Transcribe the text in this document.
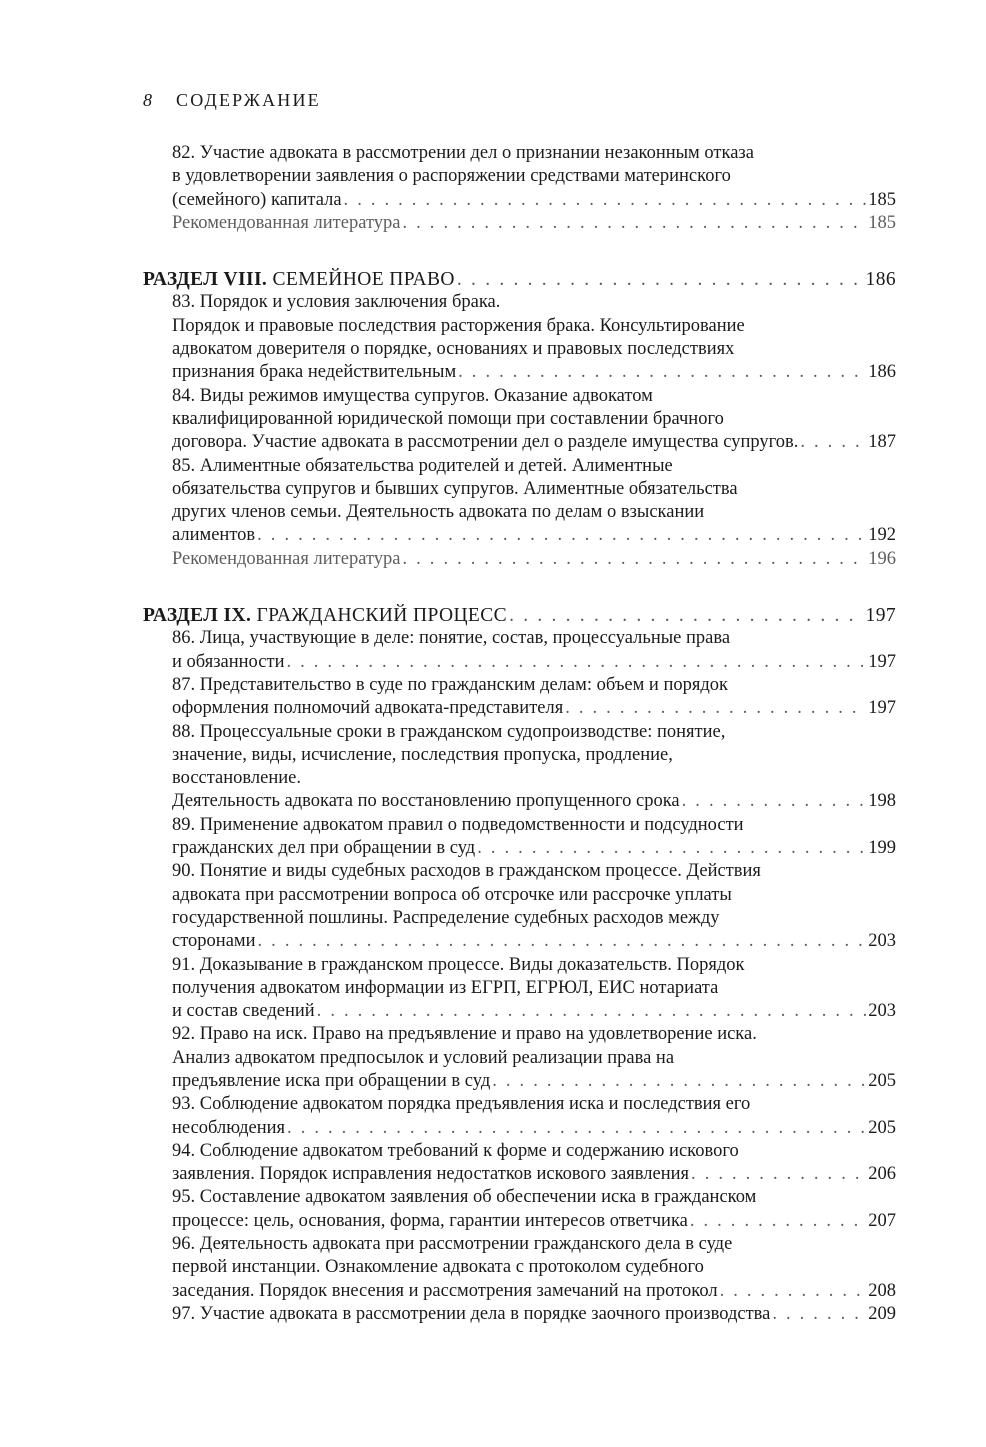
8 СОДЕРЖАНИЕ
82. Участие адвоката в рассмотрении дел о признании незаконным отказа
в удовлетворении заявления о распоряжении средствами материнского
(семейного) капитала . . .	185
Рекомендованная литература . . .	185
РАЗДЕЛ VIII. СЕМЕЙНОЕ ПРАВО . . .	186
83. Порядок и условия заключения брака.
Порядок и правовые последствия расторжения брака. Консультирование
адвокатом доверителя о порядке, основаниях и правовых последствиях
признания брака недействительным . . .	186
84. Виды режимов имущества супругов. Оказание адвокатом
квалифицированной юридической помощи при составлении брачного
договора. Участие адвоката в рассмотрении дел о разделе имущества супругов. . . .	187
85. Алиментные обязательства родителей и детей. Алиментные
обязательства супругов и бывших супругов. Алиментные обязательства
других членов семьи. Деятельность адвоката по делам о взыскании
алиментов . . .	192
Рекомендованная литература . . .	196
РАЗДЕЛ IX. ГРАЖДАНСКИЙ ПРОЦЕСС . . .	197
86. Лица, участвующие в деле: понятие, состав, процессуальные права
и обязанности . . .	197
87. Представительство в суде по гражданским делам: объем и порядок
оформления полномочий адвоката-представителя . . .	197
88. Процессуальные сроки в гражданском судопроизводстве: понятие,
значение, виды, исчисление, последствия пропуска, продление,
восстановление.
Деятельность адвоката по восстановлению пропущенного срока . . .	198
89. Применение адвокатом правил о подведомственности и подсудности
гражданских дел при обращении в суд . . .	199
90. Понятие и виды судебных расходов в гражданском процессе. Действия
адвоката при рассмотрении вопроса об отсрочке или рассрочке уплаты
государственной пошлины. Распределение судебных расходов между
сторонами . . .	203
91. Доказывание в гражданском процессе. Виды доказательств. Порядок
получения адвокатом информации из ЕГРП, ЕГРЮЛ, ЕИС нотариата
и состав сведений . . .	203
92. Право на иск. Право на предъявление и право на удовлетворение иска.
Анализ адвокатом предпосылок и условий реализации права на
предъявление иска при обращении в суд . . .	205
93. Соблюдение адвокатом порядка предъявления иска и последствия его
несоблюдения . . .	205
94. Соблюдение адвокатом требований к форме и содержанию искового
заявления. Порядок исправления недостатков искового заявления . . .	206
95. Составление адвокатом заявления об обеспечении иска в гражданском
процессе: цель, основания, форма, гарантии интересов ответчика . . .	207
96. Деятельность адвоката при рассмотрении гражданского дела в суде
первой инстанции. Ознакомление адвоката с протоколом судебного
заседания. Порядок внесения и рассмотрения замечаний на протокол . . .	208
97. Участие адвоката в рассмотрении дела в порядке заочного производства . . .	209
